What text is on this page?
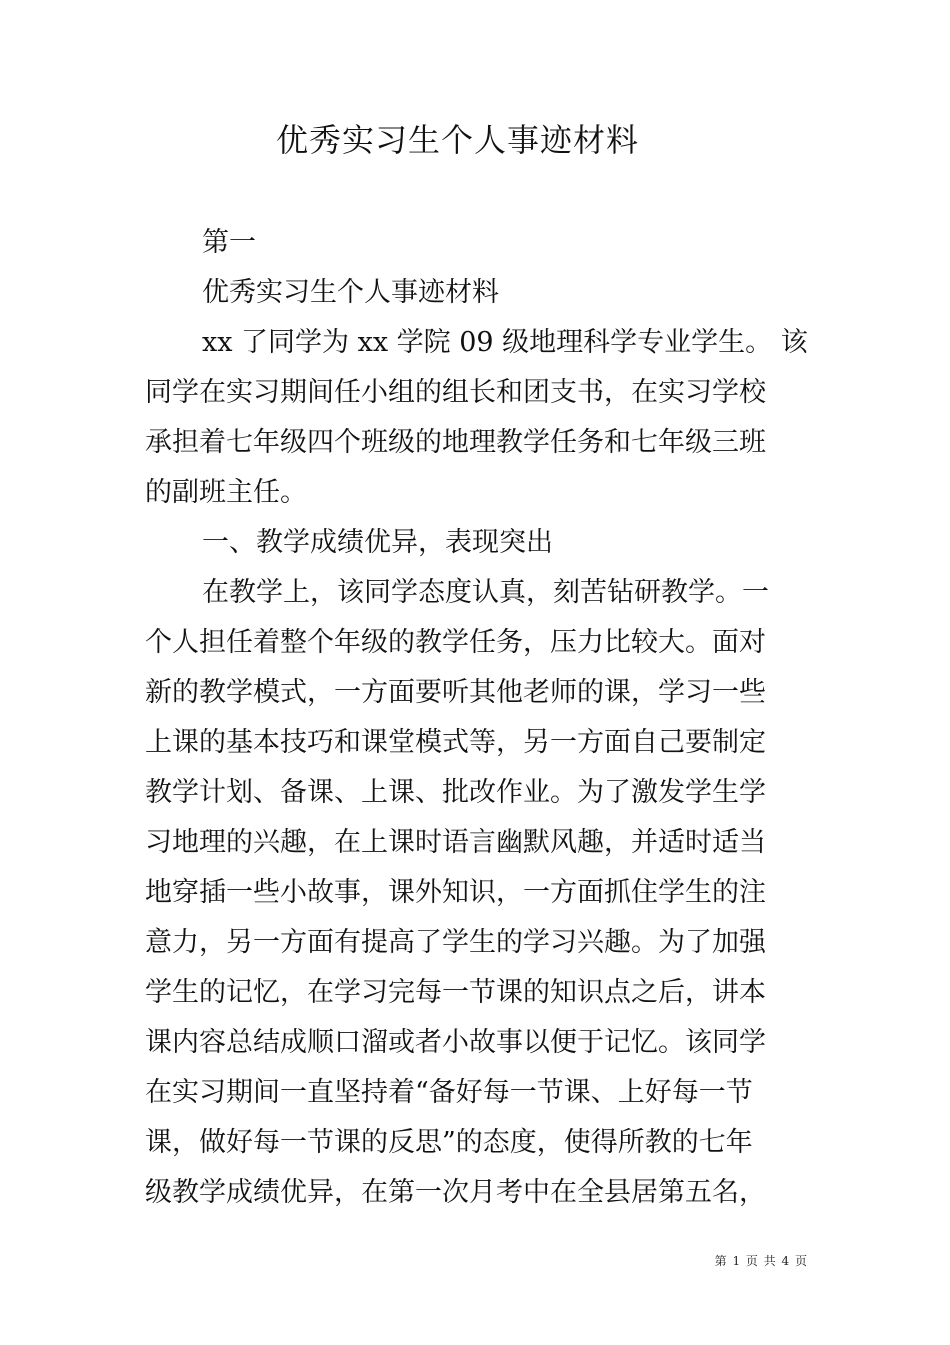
优秀实习生个人事迹材料
第一
优秀实习生个人事迹材料
xx 了同学为 xx 学院 09 级地理科学专业学生。 该
同学在实习期间任小组的组长和团支书，在实习学校
承担着七年级四个班级的地理教学任务和七年级三班
的副班主任。
一、教学成绩优异，表现突出
在教学上，该同学态度认真，刻苦钻研教学。一
个人担任着整个年级的教学任务，压力比较大。面对
新的教学模式，一方面要听其他老师的课，学习一些
上课的基本技巧和课堂模式等，另一方面自己要制定
教学计划、备课、上课、批改作业。为了激发学生学
习地理的兴趣，在上课时语言幽默风趣，并适时适当
地穿插一些小故事，课外知识，一方面抓住学生的注
意力，另一方面有提高了学生的学习兴趣。为了加强
学生的记忆，在学习完每一节课的知识点之后，讲本
课内容总结成顺口溜或者小故事以便于记忆。该同学
在实习期间一直坚持着“备好每一节课、上好每一节
课，做好每一节课的反思”的态度，使得所教的七年
级教学成绩优异，在第一次月考中在全县居第五名，
第 1 页 共 4 页
